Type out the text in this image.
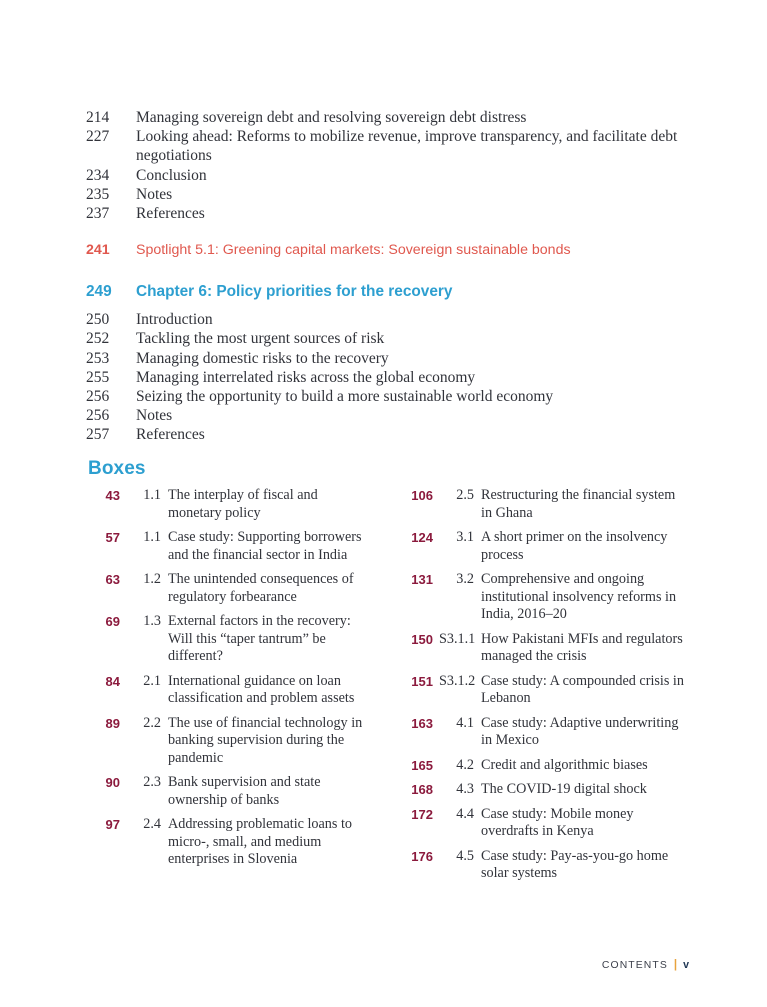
214	Managing sovereign debt and resolving sovereign debt distress
227	Looking ahead: Reforms to mobilize revenue, improve transparency, and facilitate debt negotiations
234	Conclusion
235	Notes
237	References
241	Spotlight 5.1: Greening capital markets: Sovereign sustainable bonds
249	Chapter 6: Policy priorities for the recovery
250	Introduction
252	Tackling the most urgent sources of risk
253	Managing domestic risks to the recovery
255	Managing interrelated risks across the global economy
256	Seizing the opportunity to build a more sustainable world economy
256	Notes
257	References
Boxes
43	1.1 The interplay of fiscal and monetary policy
57	1.1 Case study: Supporting borrowers and the financial sector in India
63	1.2 The unintended consequences of regulatory forbearance
69	1.3 External factors in the recovery: Will this “taper tantrum” be different?
84	2.1 International guidance on loan classification and problem assets
89	2.2 The use of financial technology in banking supervision during the pandemic
90	2.3 Bank supervision and state ownership of banks
97	2.4 Addressing problematic loans to micro-, small, and medium enterprises in Slovenia
106	2.5 Restructuring the financial system in Ghana
124	3.1 A short primer on the insolvency process
131	3.2 Comprehensive and ongoing institutional insolvency reforms in India, 2016–20
150 S3.1.1 How Pakistani MFIs and regulators managed the crisis
151 S3.1.2 Case study: A compounded crisis in Lebanon
163	4.1 Case study: Adaptive underwriting in Mexico
165	4.2 Credit and algorithmic biases
168	4.3 The COVID-19 digital shock
172	4.4 Case study: Mobile money overdrafts in Kenya
176	4.5 Case study: Pay-as-you-go home solar systems
CONTENTS | v
